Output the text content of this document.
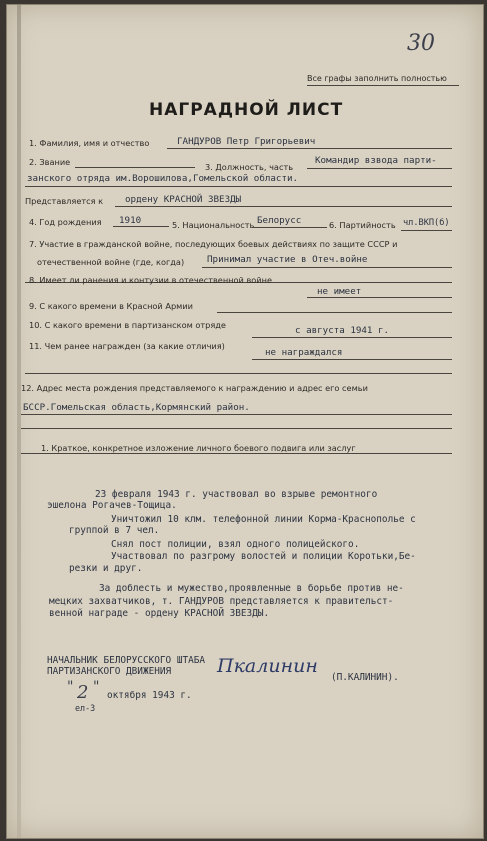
30
Все графы заполнить полностью
НАГРАДНОЙ ЛИСТ
1. Фамилия, имя и отчество	ГАНДУРОВ Петр Григорьевич
2. Звание	3. Должность, часть
Командир взвода парти-
занского отряда им.Ворошилова,Гомельской области.
Представляется к ордену КРАСНОЙ ЗВЕЗДЫ
4. Год рождения 1910	5. Национальность Белорусс	6. Партийность чл.ВКП(б)
7. Участие в гражданской войне, последующих боевых действиях по защите СССР и
отечественной войне (где, когда) Принимал участие в Отеч.войне
8. Имеет ли ранения и контузии в отечественной войне
не имеет
9. С какого времени в Красной Армии
10. С какого времени в партизанском отряде	с августа 1941 г.
11. Чем ранее награжден (за какие отличия)
не награждался
12. Адрес места рождения представляемого к награждению и адрес его семьи
БССР.Гомельская область,Кормянский район.
1. Краткое, конкретное изложение личного боевого подвига или заслуг
23 февраля 1943 г. участвовал во взрыве ремонтного
эшелона Рогачев-Тощица.
Уничтожил 10 клм. телефонной линии Корма-Краснополье с
группой в 7 чел.
Снял пост полиции, взял одного полицейского.
Участвовал по разгрому волостей и полиции Коротьки,Бе-
резки и друг.
За доблесть и мужество,проявленные в борьбе против не-
мецких захватчиков, т. ГАНДУРОВ представляется к правительст-
венной награде - ордену КРАСНОЙ ЗВЕЗДЫ.
НАЧАЛЬНИК БЕЛОРУССКОГО ШТАБА
ПАРТИЗАНСКОГО ДВИЖЕНИЯ Пкалинин
(П.КАЛИНИН).
" 2 "
октября 1943 г.
ел-3
